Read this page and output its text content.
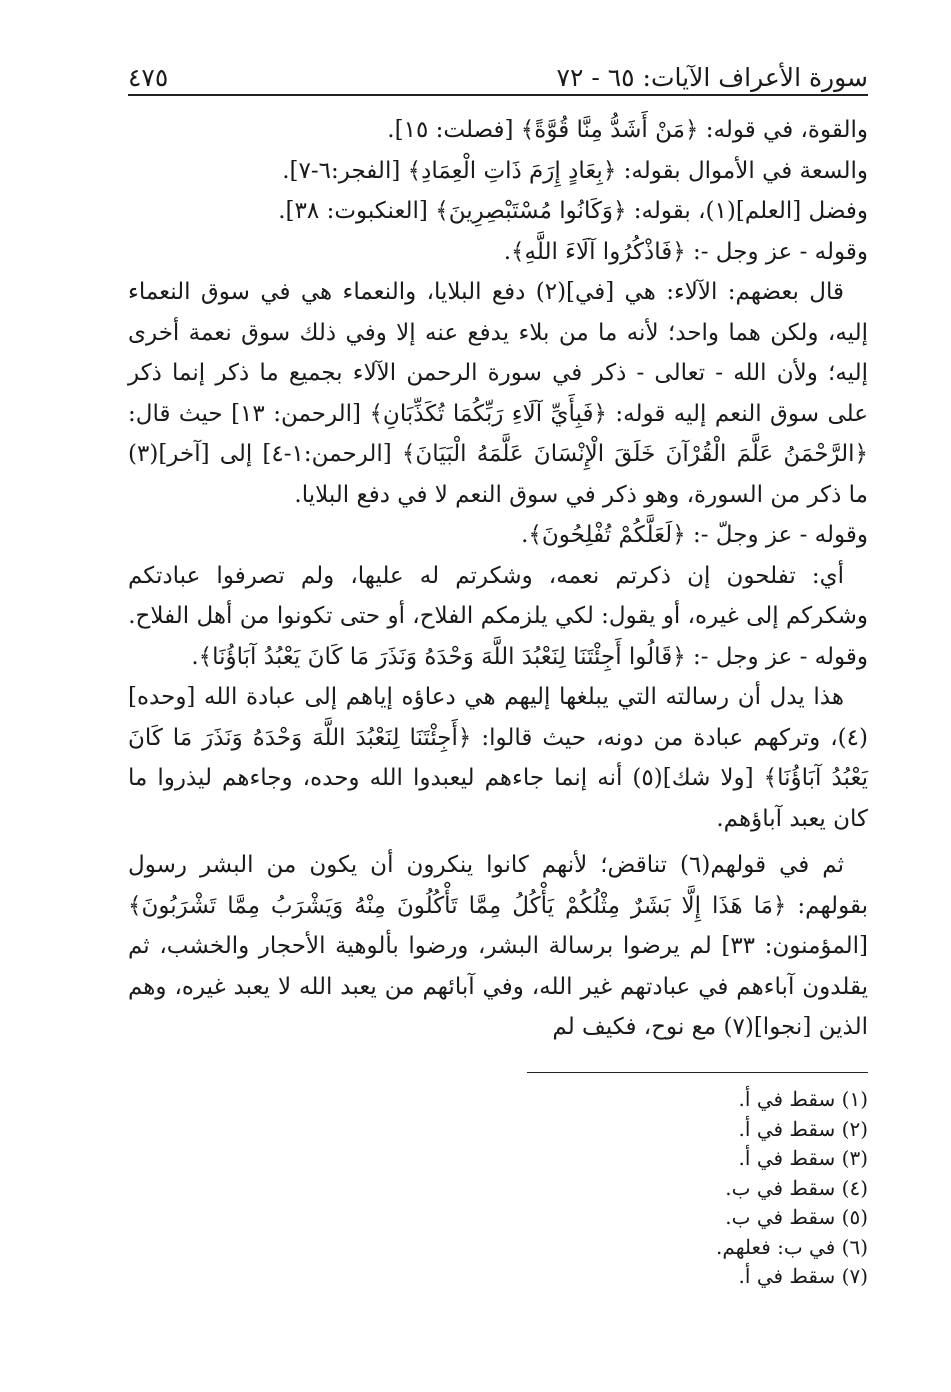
سورة الأعراف الآيات: ٦٥ - ٧٢
٤٧٥

والقوة، في قوله: ﴿مَنْ أَشَدُّ مِنَّا قُوَّةً﴾ [فصلت: ١٥].

والسعة في الأموال بقوله: ﴿بِعَادٍ إِرَمَ ذَاتِ الْعِمَادِ﴾ [الفجر:٦-٧].

وفضل [العلم](١)، بقوله: ﴿وَكَانُوا مُسْتَبْصِرِينَ﴾ [العنكبوت: ٣٨].

وقوله - عز وجل -: ﴿فَاذْكُرُوا آلَاءَ اللَّهِ﴾.

قال بعضهم: الآلاء: هي [في](٢) دفع البلايا، والنعماء هي في سوق النعماء إليه، ولكن هما واحد؛ لأنه ما من بلاء يدفع عنه إلا وفي ذلك سوق نعمة أخرى إليه؛ ولأن الله - تعالى - ذكر في سورة الرحمن الآلاء بجميع ما ذكر إنما ذكر على سوق النعم إليه قوله: ﴿فَبِأَيِّ آلَاءِ رَبِّكُمَا تُكَذِّبَانِ﴾ [الرحمن: ١٣] حيث قال: ﴿الرَّحْمَنُ عَلَّمَ الْقُرْآنَ خَلَقَ الْإِنْسَانَ عَلَّمَهُ الْبَيَانَ﴾ [الرحمن:١-٤] إلى [آخر](٣) ما ذكر من السورة، وهو ذكر في سوق النعم لا في دفع البلايا.

وقوله - عز وجلّ -: ﴿لَعَلَّكُمْ تُفْلِحُونَ﴾.

أي: تفلحون إن ذكرتم نعمه، وشكرتم له عليها، ولم تصرفوا عبادتكم وشكركم إلى غيره، أو يقول: لكي يلزمكم الفلاح، أو حتى تكونوا من أهل الفلاح.

وقوله - عز وجل -: ﴿قَالُوا أَجِئْتَنَا لِنَعْبُدَ اللَّهَ وَحْدَهُ وَنَذَرَ مَا كَانَ يَعْبُدُ آبَاؤُنَا﴾.

هذا يدل أن رسالته التي يبلغها إليهم هي دعاؤه إياهم إلى عبادة الله [وحده](٤)، وتركهم عبادة من دونه، حيث قالوا: ﴿أَجِئْتَنَا لِنَعْبُدَ اللَّهَ وَحْدَهُ وَنَذَرَ مَا كَانَ يَعْبُدُ آبَاؤُنَا﴾ [ولا شك](٥) أنه إنما جاءهم ليعبدوا الله وحده، وجاءهم ليذروا ما كان يعبد آباؤهم.

ثم في قولهم(٦) تناقض؛ لأنهم كانوا ينكرون أن يكون من البشر رسول بقولهم: ﴿مَا هَذَا إِلَّا بَشَرٌ مِثْلُكُمْ يَأْكُلُ مِمَّا تَأْكُلُونَ مِنْهُ وَيَشْرَبُ مِمَّا تَشْرَبُونَ﴾ [المؤمنون: ٣٣] لم يرضوا برسالة البشر، ورضوا بألوهية الأحجار والخشب، ثم يقلدون آباءهم في عبادتهم غير الله، وفي آبائهم من يعبد الله لا يعبد غيره، وهم الذين [نجوا](٧) مع نوح، فكيف لم

(١) سقط في أ.
(٢) سقط في أ.
(٣) سقط في أ.
(٤) سقط في ب.
(٥) سقط في ب.
(٦) في ب: فعلهم.
(٧) سقط في أ.
